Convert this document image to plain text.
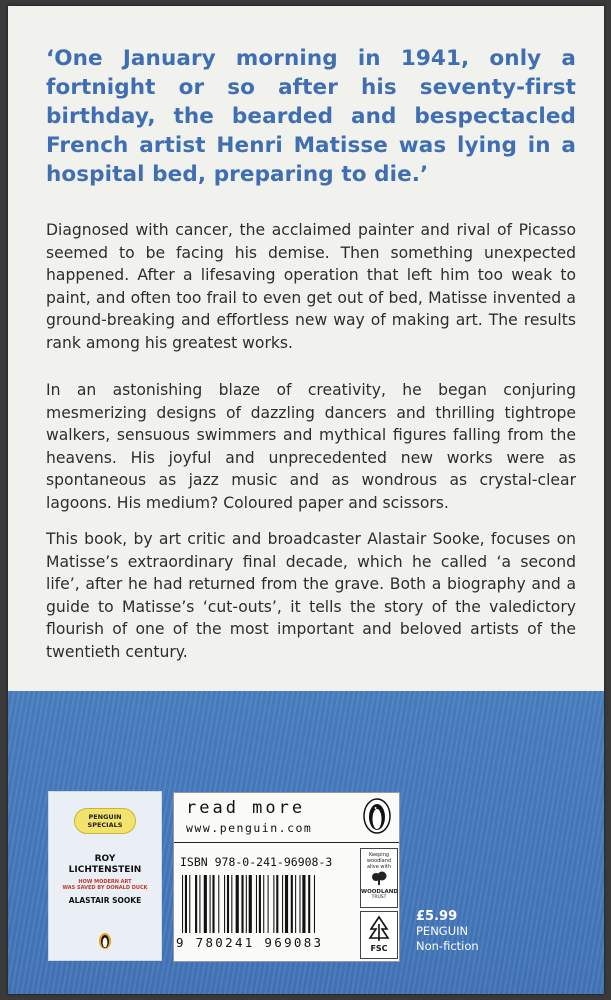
‘One January morning in 1941, only a fortnight or so after his seventy-first birthday, the bearded and bespectacled French artist Henri Matisse was lying in a hospital bed, preparing to die.’
Diagnosed with cancer, the acclaimed painter and rival of Picasso seemed to be facing his demise. Then something unexpected happened. After a lifesaving operation that left him too weak to paint, and often too frail to even get out of bed, Matisse invented a ground-breaking and effortless new way of making art. The results rank among his greatest works.
In an astonishing blaze of creativity, he began conjuring mesmerizing designs of dazzling dancers and thrilling tightrope walkers, sensuous swimmers and mythical figures falling from the heavens. His joyful and unprecedented new works were as spontaneous as jazz music and as wondrous as crystal-clear lagoons. His medium? Coloured paper and scissors.
This book, by art critic and broadcaster Alastair Sooke, focuses on Matisse’s extraordinary final decade, which he called ‘a second life’, after he had returned from the grave. Both a biography and a guide to Matisse’s ‘cut-outs’, it tells the story of the valedictory flourish of one of the most important and beloved artists of the twentieth century.
PENGUIN SPECIALS
ROY
LICHTENSTEIN
HOW MODERN ART
WAS SAVED BY DONALD DUCK
ALASTAIR SOOKE
read more
www.penguin.com
ISBN 978-0-241-96908-3
9 780241 969083
Keeping
woodland
alive with
WOODLAND
TRUST
FSC
£5.99
PENGUIN
Non-fiction
